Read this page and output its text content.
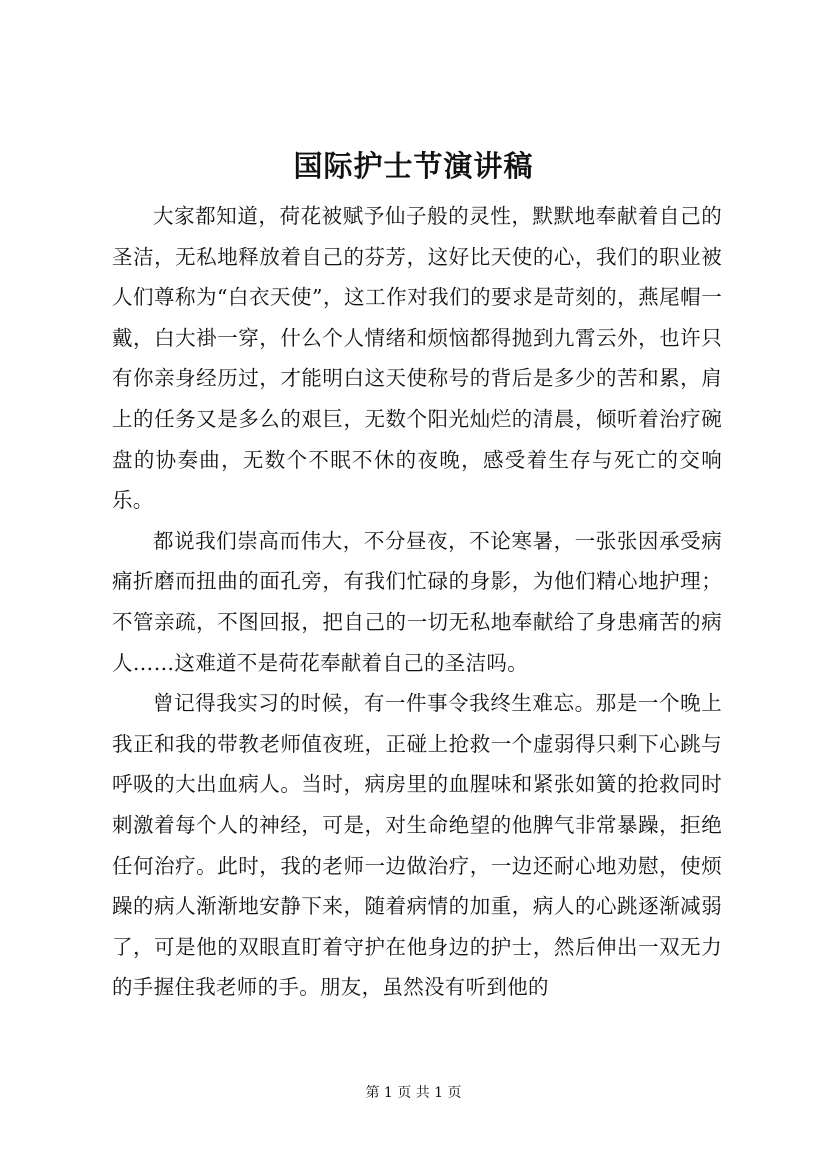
国际护士节演讲稿

大家都知道，荷花被赋予仙子般的灵性，默默地奉献着自己的圣洁，无私地释放着自己的芬芳，这好比天使的心，我们的职业被人们尊称为“白衣天使”，这工作对我们的要求是苛刻的，燕尾帽一戴，白大褂一穿，什么个人情绪和烦恼都得抛到九霄云外，也许只有你亲身经历过，才能明白这天使称号的背后是多少的苦和累，肩上的任务又是多么的艰巨，无数个阳光灿烂的清晨，倾听着治疗碗盘的协奏曲，无数个不眠不休的夜晚，感受着生存与死亡的交响乐。

都说我们崇高而伟大，不分昼夜，不论寒暑，一张张因承受病痛折磨而扭曲的面孔旁，有我们忙碌的身影，为他们精心地护理；不管亲疏，不图回报，把自己的一切无私地奉献给了身患痛苦的病人……这难道不是荷花奉献着自己的圣洁吗。

曾记得我实习的时候，有一件事令我终生难忘。那是一个晚上我正和我的带教老师值夜班，正碰上抢救一个虚弱得只剩下心跳与呼吸的大出血病人。当时，病房里的血腥味和紧张如簧的抢救同时刺激着每个人的神经，可是，对生命绝望的他脾气非常暴躁，拒绝任何治疗。此时，我的老师一边做治疗，一边还耐心地劝慰，使烦躁的病人渐渐地安静下来，随着病情的加重，病人的心跳逐渐减弱了，可是他的双眼直盯着守护在他身边的护士，然后伸出一双无力的手握住我老师的手。朋友，虽然没有听到他的

第 1 页 共 1 页
